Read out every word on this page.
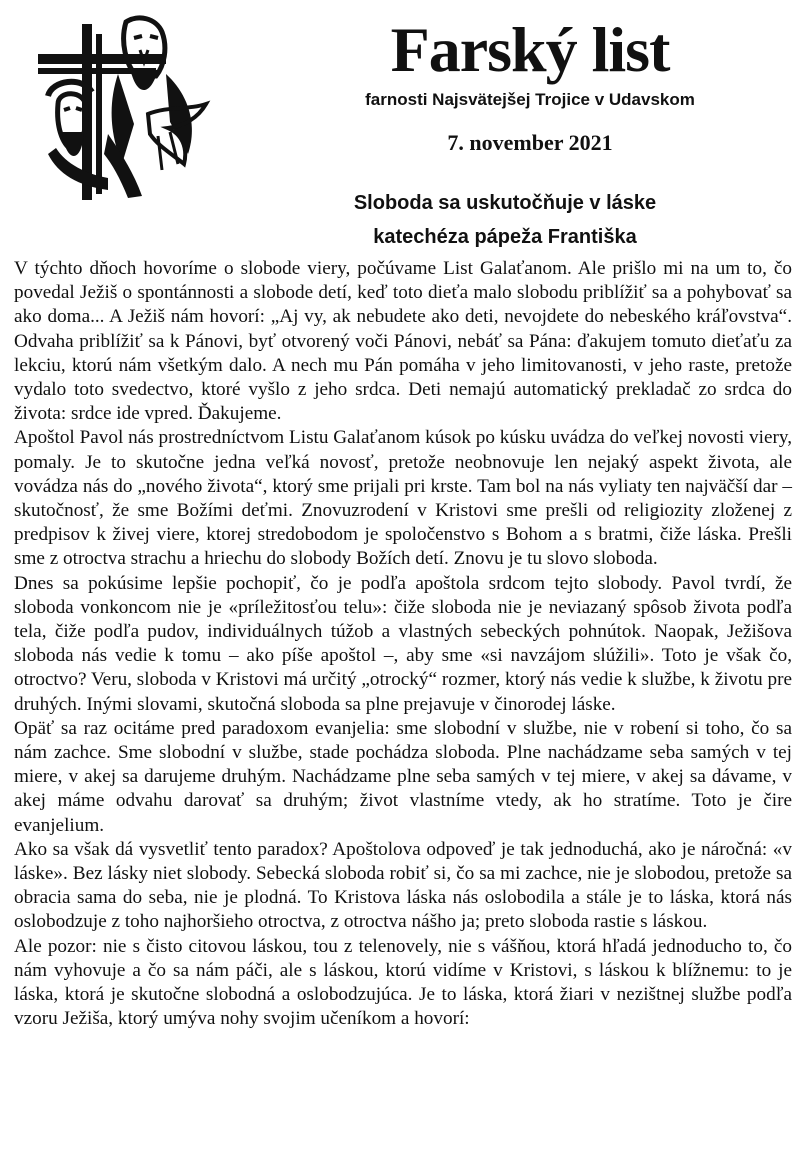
Farský list
farnosti Najsvätejšej Trojice v Udavskom
7. november 2021
Sloboda sa uskutočňuje v láske
katechéza pápeža Františka

V týchto dňoch hovoríme o slobode viery, počúvame List Galaťanom. Ale prišlo mi na um to, čo povedal Ježiš o spontánnosti a slobode detí, keď toto dieťa malo slobodu priblížiť sa a pohybovať sa ako doma... A Ježiš nám hovorí: „Aj vy, ak nebudete ako deti, nevojdete do nebeského kráľovstva“. Odvaha priblížiť sa k Pánovi, byť otvorený voči Pánovi, nebáť sa Pána: ďakujem tomuto dieťaťu za lekciu, ktorú nám všetkým dalo. A nech mu Pán pomáha v jeho limitovanosti, v jeho raste, pretože vydalo toto svedectvo, ktoré vyšlo z jeho srdca. Deti nemajú automatický prekladač zo srdca do života: srdce ide vpred. Ďakujeme.

Apoštol Pavol nás prostredníctvom Listu Galaťanom kúsok po kúsku uvádza do veľkej novosti viery, pomaly. Je to skutočne jedna veľká novosť, pretože neobnovuje len nejaký aspekt života, ale vovádza nás do „nového života“, ktorý sme prijali pri krste. Tam bol na nás vyliaty ten najväčší dar – skutočnosť, že sme Božími deťmi. Znovuzrodení v Kristovi sme prešli od religiozity zloženej z predpisov k živej viere, ktorej stredobodom je spoločenstvo s Bohom a s bratmi, čiže láska. Prešli sme z otroctva strachu a hriechu do slobody Božích detí. Znovu je tu slovo sloboda.

Dnes sa pokúsime lepšie pochopiť, čo je podľa apoštola srdcom tejto slobody. Pavol tvrdí, že sloboda vonkoncom nie je «príležitosťou telu»: čiže sloboda nie je neviazaný spôsob života podľa tela, čiže podľa pudov, individuálnych túžob a vlastných sebeckých pohnútok. Naopak, Ježišova sloboda nás vedie k tomu – ako píše apoštol –, aby sme «si navzájom slúžili». Toto je však čo, otroctvo? Veru, sloboda v Kristovi má určitý „otrocký“ rozmer, ktorý nás vedie k službe, k životu pre druhých. Inými slovami, skutočná sloboda sa plne prejavuje v činorodej láske.

Opäť sa raz ocitáme pred paradoxom evanjelia: sme slobodní v službe, nie v robení si toho, čo sa nám zachce. Sme slobodní v službe, stade pochádza sloboda. Plne nachádzame seba samých v tej miere, v akej sa darujeme druhým. Nachádzame plne seba samých v tej miere, v akej sa dávame, v akej máme odvahu darovať sa druhým; život vlastníme vtedy, ak ho stratíme. Toto je čire evanjelium.

Ako sa však dá vysvetliť tento paradox? Apoštolova odpoveď je tak jednoduchá, ako je náročná: «v láske». Bez lásky niet slobody. Sebecká sloboda robiť si, čo sa mi zachce, nie je slobodou, pretože sa obracia sama do seba, nie je plodná. To Kristova láska nás oslobodila a stále je to láska, ktorá nás oslobodzuje z toho najhoršieho otroctva, z otroctva nášho ja; preto sloboda rastie s láskou.

Ale pozor: nie s čisto citovou láskou, tou z telenovely, nie s vášňou, ktorá hľadá jednoducho to, čo nám vyhovuje a čo sa nám páči, ale s láskou, ktorú vidíme v Kristovi, s láskou k blížnemu: to je láska, ktorá je skutočne slobodná a oslobodzujúca. Je to láska, ktorá žiari v nezištnej službe podľa vzoru Ježiša, ktorý umýva nohy svojim učeníkom a hovorí:
